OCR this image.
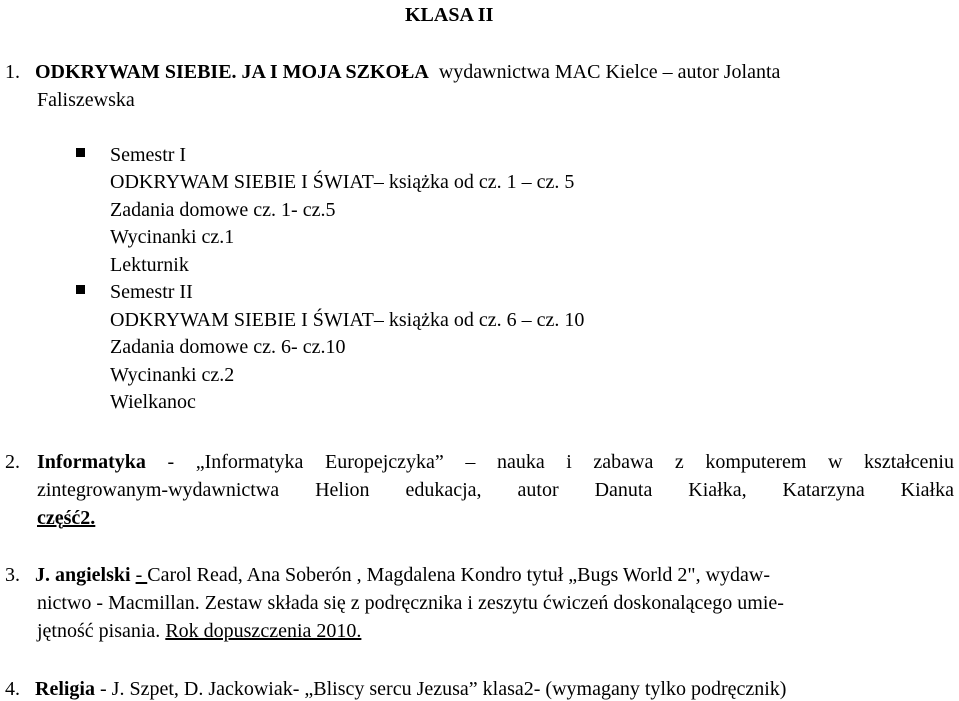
KLASA II
1. ODKRYWAM SIEBIE. JA I MOJA SZKOŁA wydawnictwa MAC Kielce – autor Jolanta
Faliszewska
Semestr I
ODKRYWAM SIEBIE I ŚWIAT– książka od cz. 1 – cz. 5
Zadania domowe cz. 1- cz.5
Wycinanki cz.1
Lekturnik
Semestr II
ODKRYWAM SIEBIE I ŚWIAT– książka od cz. 6 – cz. 10
Zadania domowe cz. 6- cz.10
Wycinanki cz.2
Wielkanoc
2. Informatyka - „Informatyka Europejczyka” – nauka i zabawa z komputerem w kształceniu
zintegrowanym-wydawnictwa Helion edukacja, autor Danuta Kiałka, Katarzyna Kiałka
część2.
3. J. angielski - Carol Read, Ana Soberón , Magdalena Kondro tytuł „Bugs World 2", wydaw-
nictwo - Macmillan. Zestaw składa się z podręcznika i zeszytu ćwiczeń doskonalącego umie-
jętność pisania. Rok dopuszczenia 2010.
4. Religia - J. Szpet, D. Jackowiak- „Bliscy sercu Jezusa” klasa2- (wymagany tylko podręcznik)
